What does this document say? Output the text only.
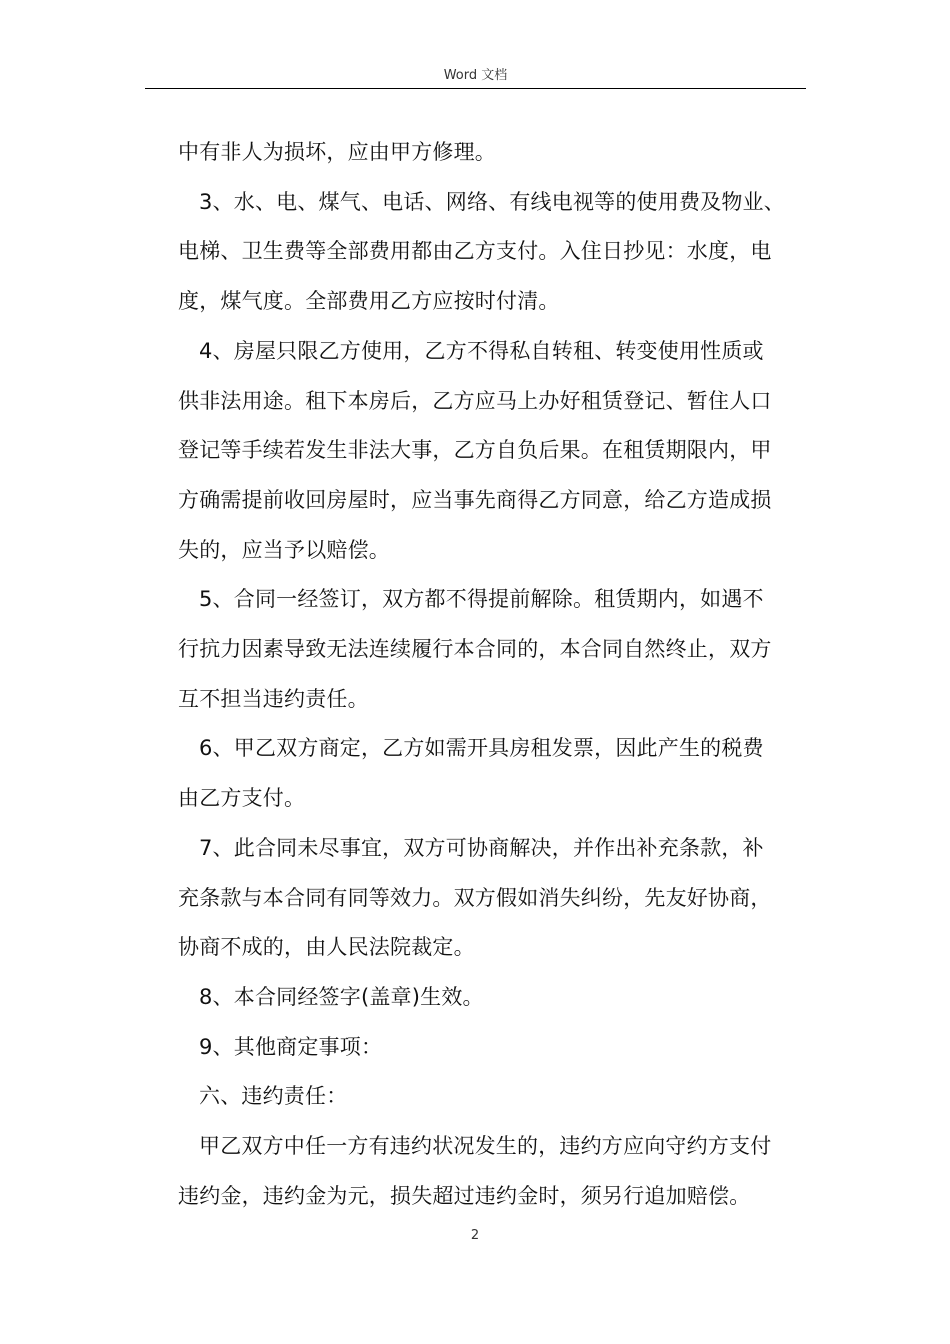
Word 文档

中有非人为损坏，应由甲方修理。

3、水、电、煤气、电话、网络、有线电视等的使用费及物业、

电梯、卫生费等全部费用都由乙方支付。入住日抄见：水度，电

度，煤气度。全部费用乙方应按时付清。

4、房屋只限乙方使用，乙方不得私自转租、转变使用性质或

供非法用途。租下本房后，乙方应马上办好租赁登记、暂住人口

登记等手续若发生非法大事，乙方自负后果。在租赁期限内，甲

方确需提前收回房屋时，应当事先商得乙方同意，给乙方造成损

失的，应当予以赔偿。

5、合同一经签订，双方都不得提前解除。租赁期内，如遇不

行抗力因素导致无法连续履行本合同的，本合同自然终止，双方

互不担当违约责任。

6、甲乙双方商定，乙方如需开具房租发票，因此产生的税费

由乙方支付。

7、此合同未尽事宜，双方可协商解决，并作出补充条款，补

充条款与本合同有同等效力。双方假如消失纠纷，先友好协商，

协商不成的，由人民法院裁定。

8、本合同经签字(盖章)生效。

9、其他商定事项：

六、违约责任：

甲乙双方中任一方有违约状况发生的，违约方应向守约方支付

违约金，违约金为元，损失超过违约金时，须另行追加赔偿。

2
